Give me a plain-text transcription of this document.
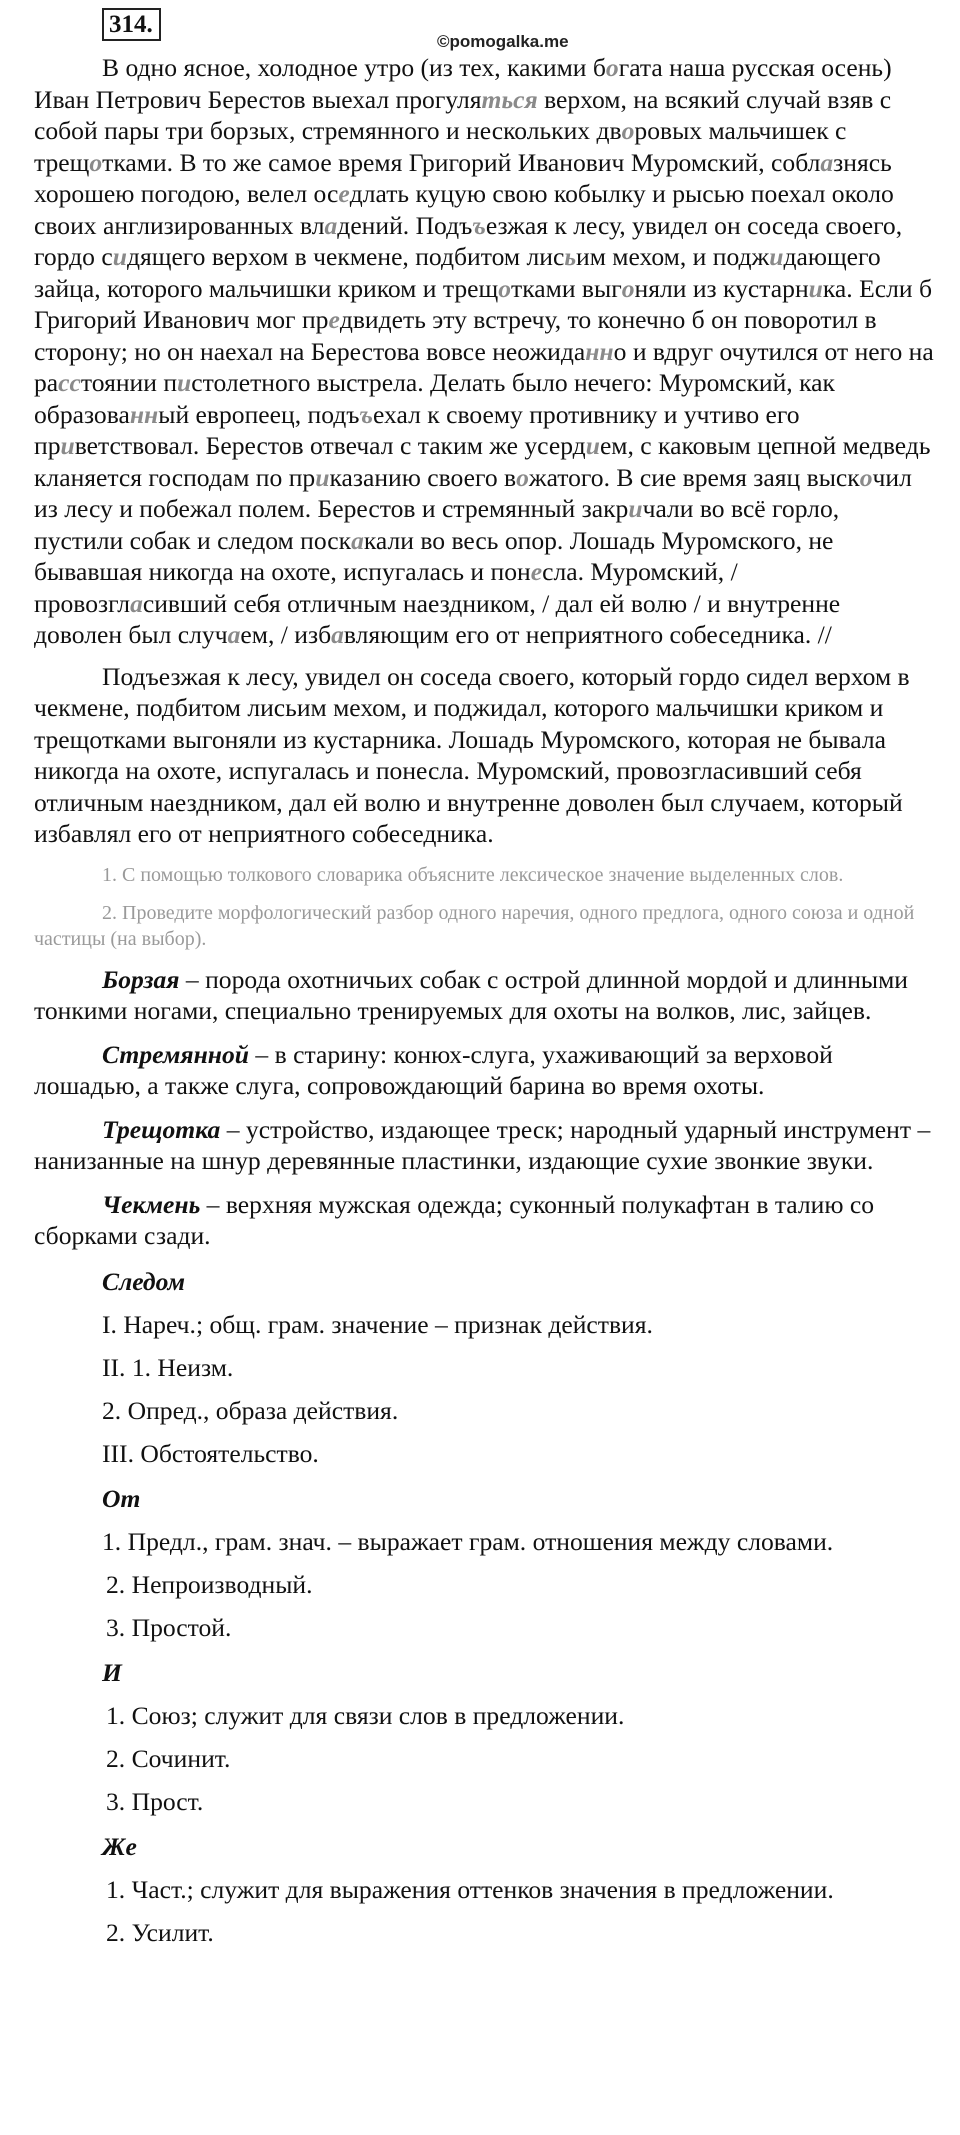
314.
©pomogalka.me

В одно ясное, холодное утро (из тех, какими богата наша русская осень) Иван Петрович Берестов выехал прогуляться верхом, на всякий случай взяв с собой пары три борзых, стремянного и нескольких дворовых мальчишек с трещотками. В то же самое время Григорий Иванович Муромский, соблазнясь хорошею погодою, велел оседлать куцую свою кобылку и рысью поехал около своих англизированных владений. Подъъезжая к лесу, увидел он соседа своего, гордо сидящего верхом в чекмене, подбитом лисьим мехом, и поджидающего зайца, которого мальчишки криком и трещотками выгоняли из кустарника. Если б Григорий Иванович мог предвидеть эту встречу, то конечно б он поворотил в сторону; но он наехал на Берестова вовсе неожиданно и вдруг очутился от него на расстоянии пистолетного выстрела. Делать было нечего: Муромский, как образованный европеец, подъъехал к своему противнику и учтиво его приветствовал. Берестов отвечал с таким же усердием, с каковым цепной медведь кланяется господам по приказанию своего вожатого. В сие время заяц выскочил из лесу и побежал полем. Берестов и стремянный закричали во всё горло, пустили собак и следом поскакали во весь опор. Лошадь Муромского, не бывавшая никогда на охоте, испугалась и понесла. Муромский, / провозгласивший себя отличным наездником, / дал ей волю / и внутренне доволен был случаем, / избавляющим его от неприятного собеседника. //

Подъезжая к лесу, увидел он соседа своего, который гордо сидел верхом в чекмене, подбитом лисьим мехом, и поджидал, которого мальчишки криком и трещотками выгоняли из кустарника. Лошадь Муромского, которая не бывала никогда на охоте, испугалась и понесла. Муромский, провозгласивший себя отличным наездником, дал ей волю и внутренне доволен был случаем, который избавлял его от неприятного собеседника.

1. С помощью толкового словарика объясните лексическое значение выделенных слов.

2. Проведите морфологический разбор одного наречия, одного предлога, одного союза и одной частицы (на выбор).

Борзая – порода охотничьих собак с острой длинной мордой и длинными тонкими ногами, специально тренируемых для охоты на волков, лис, зайцев.

Стремянной – в старину: конюх-слуга, ухаживающий за верховой лошадью, а также слуга, сопровождающий барина во время охоты.

Трещотка – устройство, издающее треск; народный ударный инструмент – нанизанные на шнур деревянные пластинки, издающие сухие звонкие звуки.

Чекмень – верхняя мужская одежда; суконный полукафтан в талию со сборками сзади.

Следом

I. Нареч.; общ. грам. значение – признак действия.

II. 1. Неизм.

2. Опред., образа действия.

III. Обстоятельство.

От

1. Предл., грам. знач. – выражает грам. отношения между словами.

2. Непроизводный.

3. Простой.

И

1. Союз; служит для связи слов в предложении.

2. Сочинит.

3. Прост.

Же

1. Част.; служит для выражения оттенков значения в предложении.

2. Усилит.
